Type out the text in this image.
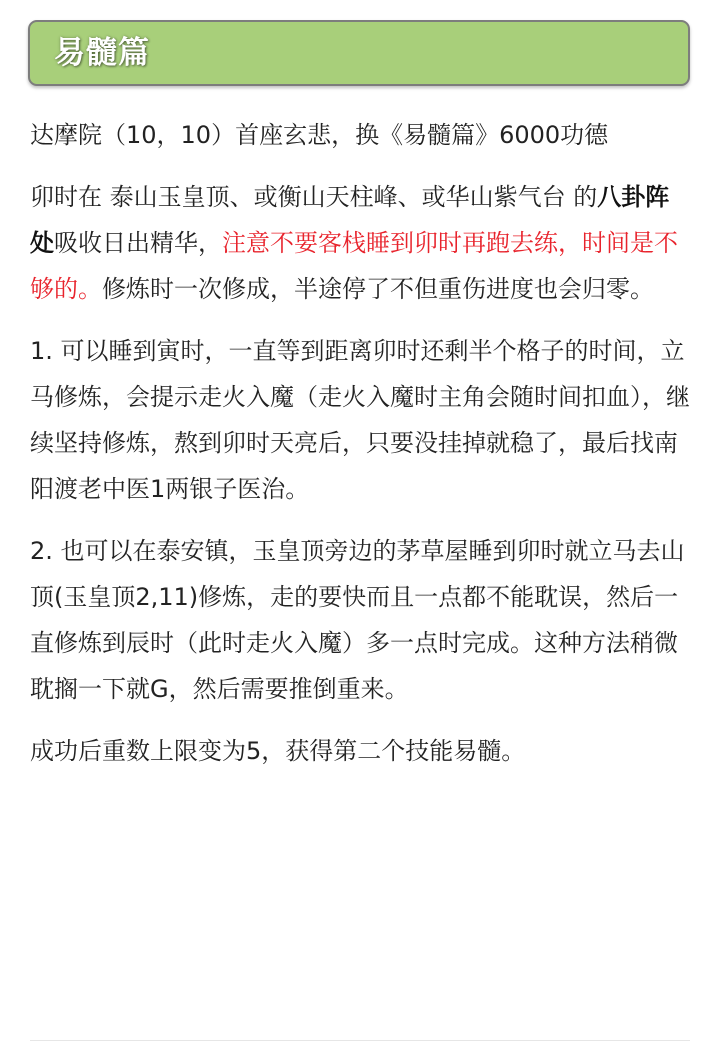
易髓篇

达摩院（10，10）首座玄悲，换《易髓篇》6000功德

卯时在 泰山玉皇顶、或衡山天柱峰、或华山紫气台 的八卦阵处吸收日出精华，注意不要客栈睡到卯时再跑去练，时间是不够的。修炼时一次修成，半途停了不但重伤进度也会归零。

1. 可以睡到寅时，一直等到距离卯时还剩半个格子的时间，立马修炼，会提示走火入魔（走火入魔时主角会随时间扣血），继续坚持修炼，熬到卯时天亮后，只要没挂掉就稳了，最后找南阳渡老中医1两银子医治。

2. 也可以在泰安镇，玉皇顶旁边的茅草屋睡到卯时就立马去山顶(玉皇顶2,11)修炼，走的要快而且一点都不能耽误，然后一直修炼到辰时（此时走火入魔）多一点时完成。这种方法稍微耽搁一下就G，然后需要推倒重来。

成功后重数上限变为5，获得第二个技能易髓。
